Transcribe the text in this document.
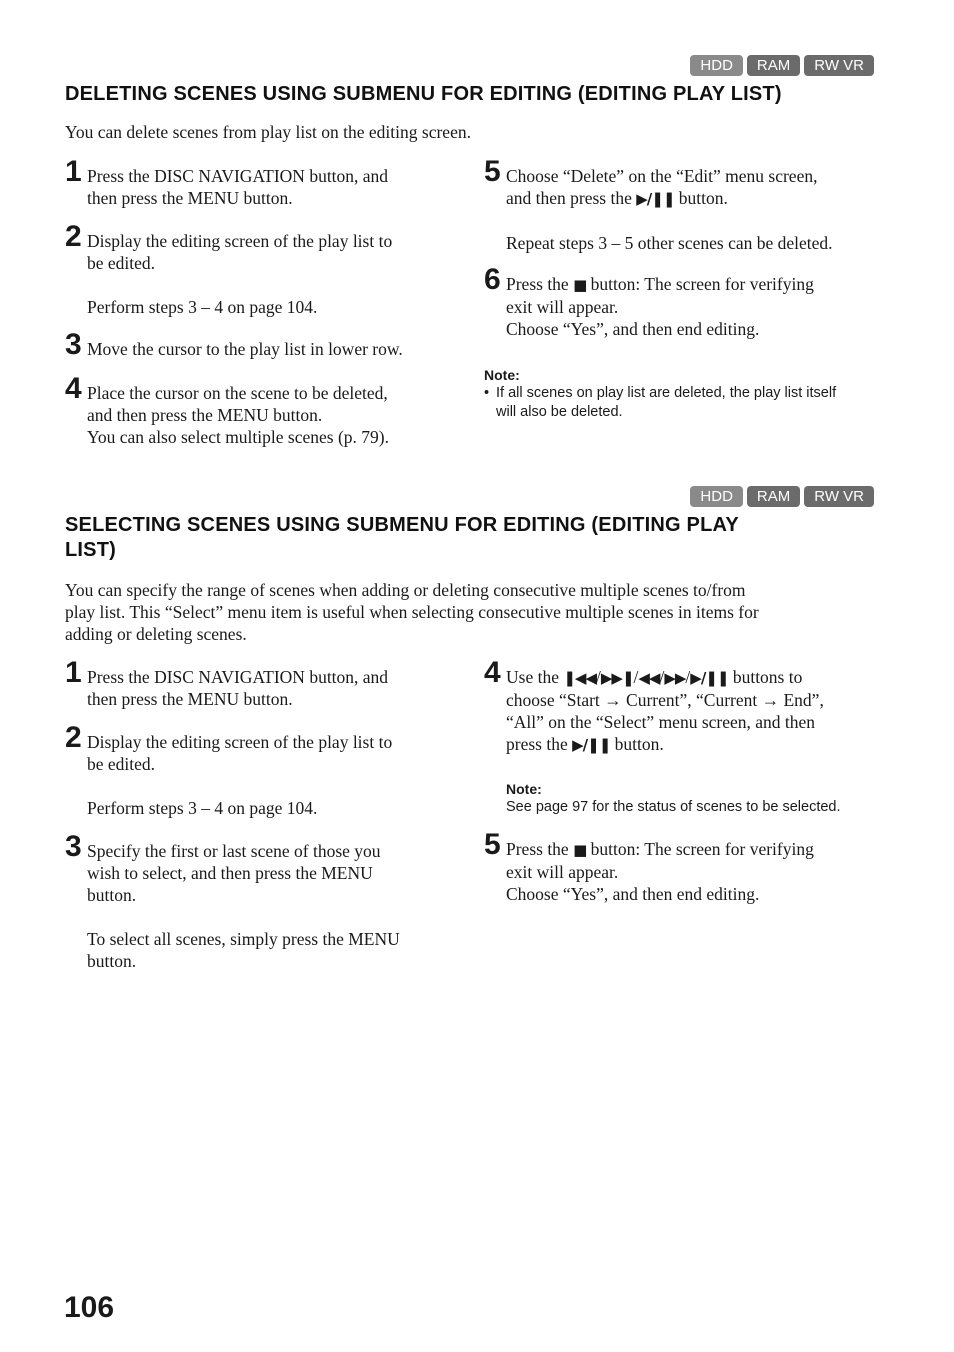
HDD	RAM	RW VR
DELETING SCENES USING SUBMENU FOR EDITING (EDITING PLAY LIST)

You can delete scenes from play list on the editing screen.

1 Press the DISC NAVIGATION button, and

then press the MENU button.

2 Display the editing screen of the play list to

be edited.

Perform steps 3 – 4 on page 104.

3 Move the cursor to the play list in lower row.

4 Place the cursor on the scene to be deleted,

and then press the MENU button.

You can also select multiple scenes (p. 79).

5 Choose “Delete” on the “Edit” menu screen,

and then press the ▶/❚❚ button.

Repeat steps 3 – 5 other scenes can be deleted.

6 Press the ■ button: The screen for verifying

exit will appear.

Choose “Yes”, and then end editing.

Note:
• If all scenes on play list are deleted, the play list itself
will also be deleted.
HDD	RAM	RW VR
SELECTING SCENES USING SUBMENU FOR EDITING (EDITING PLAY
LIST)
You can specify the range of scenes when adding or deleting consecutive multiple scenes to/from
play list. This “Select” menu item is useful when selecting consecutive multiple scenes in items for
adding or deleting scenes.
1 Press the DISC NAVIGATION button, and

then press the MENU button.

2 Display the editing screen of the play list to

be edited.

Perform steps 3 – 4 on page 104.

3 Specify the first or last scene of those you

wish to select, and then press the MENU

button.

To select all scenes, simply press the MENU

button.

4 Use the ❚◀◀/▶▶❚/◀◀/▶▶/▶/❚❚ buttons to

choose “Start → Current”, “Current → End”,

“All” on the “Select” menu screen, and then

press the ▶/❚❚ button.

Note:
See page 97 for the status of scenes to be selected.
5 Press the ■ button: The screen for verifying

exit will appear.

Choose “Yes”, and then end editing.

106
